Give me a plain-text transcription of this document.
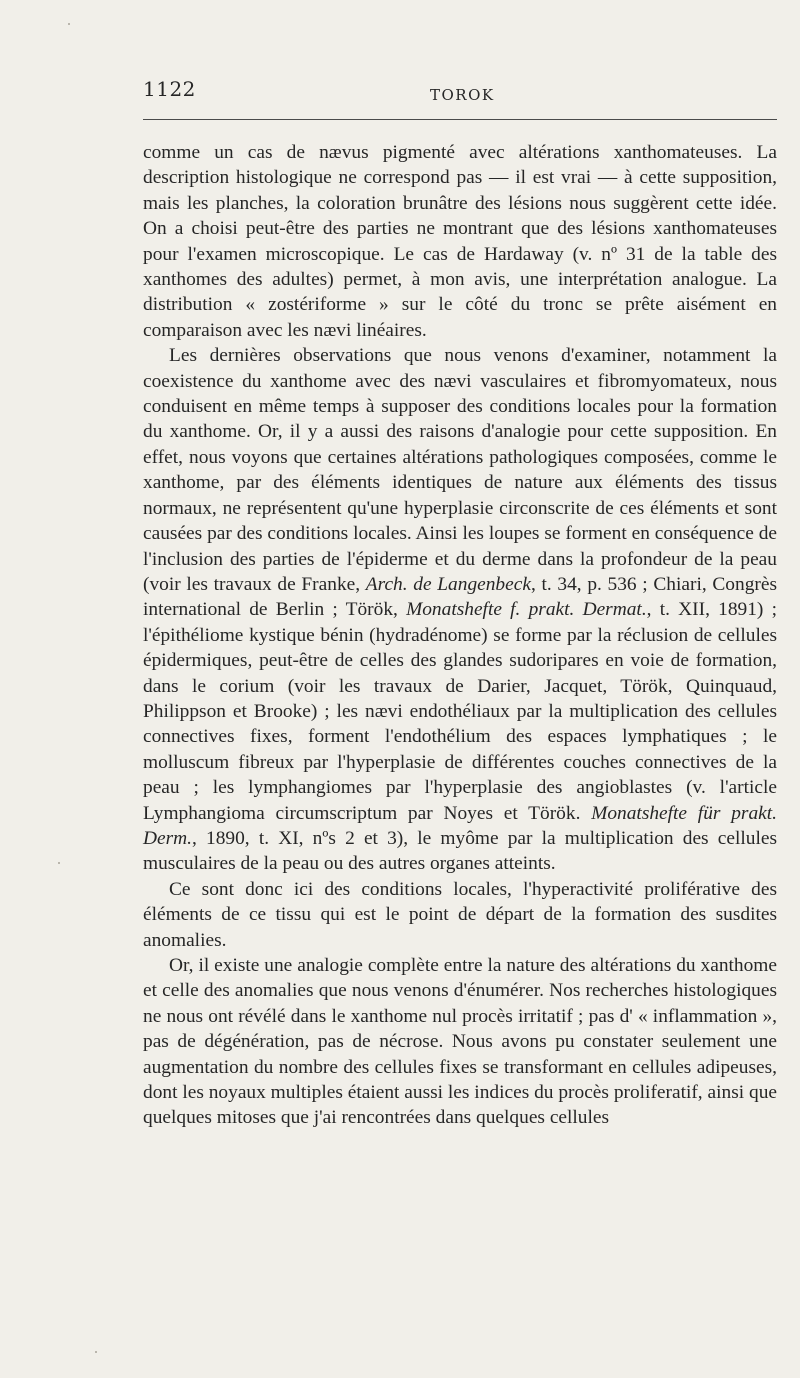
1122	TOROK

comme un cas de nævus pigmenté avec altérations xanthomateuses. La description histologique ne correspond pas — il est vrai — à cette supposition, mais les planches, la coloration brunâtre des lésions nous suggèrent cette idée. On a choisi peut-être des parties ne montrant que des lésions xanthomateuses pour l'examen microscopique. Le cas de Hardaway (v. nº 31 de la table des xanthomes des adultes) permet, à mon avis, une interprétation analogue. La distribution « zostériforme » sur le côté du tronc se prête aisément en comparaison avec les nævi linéaires.

Les dernières observations que nous venons d'examiner, notamment la coexistence du xanthome avec des nævi vasculaires et fibromyomateux, nous conduisent en même temps à supposer des conditions locales pour la formation du xanthome. Or, il y a aussi des raisons d'analogie pour cette supposition. En effet, nous voyons que certaines altérations pathologiques composées, comme le xanthome, par des éléments identiques de nature aux éléments des tissus normaux, ne représentent qu'une hyperplasie circonscrite de ces éléments et sont causées par des conditions locales. Ainsi les loupes se forment en conséquence de l'inclusion des parties de l'épiderme et du derme dans la profondeur de la peau (voir les travaux de Franke, Arch. de Langenbeck, t. 34, p. 536 ; Chiari, Congrès international de Berlin ; Török, Monatshefte f. prakt. Dermat., t. XII, 1891) ; l'épithéliome kystique bénin (hydradénome) se forme par la réclusion de cellules épidermiques, peut-être de celles des glandes sudoripares en voie de formation, dans le corium (voir les travaux de Darier, Jacquet, Török, Quinquaud, Philippson et Brooke) ; les nævi endothéliaux par la multiplication des cellules connectives fixes, forment l'endothélium des espaces lymphatiques ; le molluscum fibreux par l'hyperplasie de différentes couches connectives de la peau ; les lymphangiomes par l'hyperplasie des angioblastes (v. l'article Lymphangioma circumscriptum par Noyes et Török. Monatshefte für prakt. Derm., 1890, t. XI, nºs 2 et 3), le myôme par la multiplication des cellules musculaires de la peau ou des autres organes atteints.

Ce sont donc ici des conditions locales, l'hyperactivité proliférative des éléments de ce tissu qui est le point de départ de la formation des susdites anomalies.

Or, il existe une analogie complète entre la nature des altérations du xanthome et celle des anomalies que nous venons d'énumérer. Nos recherches histologiques ne nous ont révélé dans le xanthome nul procès irritatif ; pas d' « inflammation », pas de dégénération, pas de nécrose. Nous avons pu constater seulement une augmentation du nombre des cellules fixes se transformant en cellules adipeuses, dont les noyaux multiples étaient aussi les indices du procès proliferatif, ainsi que quelques mitoses que j'ai rencontrées dans quelques cellules
